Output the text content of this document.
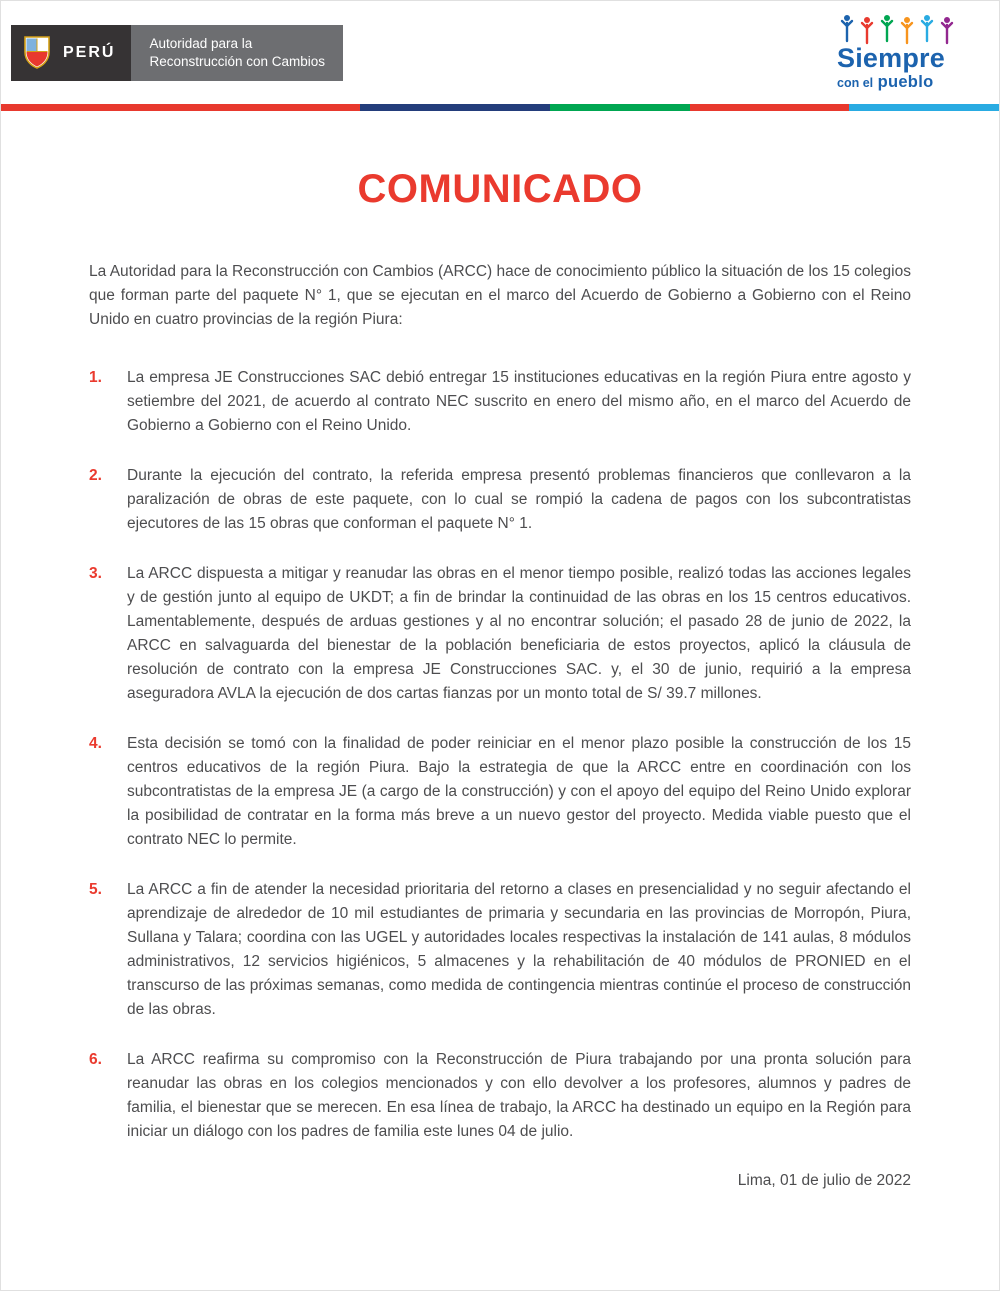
PERÚ
Autoridad para la
Reconstrucción con Cambios	Siempre
con el pueblo
COMUNICADO

La Autoridad para la Reconstrucción con Cambios (ARCC) hace de conocimiento público la situación de los 15 colegios que forman parte del paquete N° 1, que se ejecutan en el marco del Acuerdo de Gobierno a Gobierno con el Reino Unido en cuatro provincias de la región Piura:

1.	La empresa JE Construcciones SAC debió entregar 15 instituciones educativas en la región Piura entre agosto y setiembre del 2021, de acuerdo al contrato NEC suscrito en enero del mismo año, en el marco del Acuerdo de Gobierno a Gobierno con el Reino Unido.
2.	Durante la ejecución del contrato, la referida empresa presentó problemas financieros que conllevaron a la paralización de obras de este paquete, con lo cual se rompió la cadena de pagos con los subcontratistas ejecutores de las 15 obras que conforman el paquete N° 1.
3.	La ARCC dispuesta a mitigar y reanudar las obras en el menor tiempo posible, realizó todas las acciones legales y de gestión junto al equipo de UKDT; a fin de brindar la continuidad de las obras en los 15 centros educativos. Lamentablemente, después de arduas gestiones y al no encontrar solución; el pasado 28 de junio de 2022, la ARCC en salvaguarda del bienestar de la población beneficiaria de estos proyectos, aplicó la cláusula de resolución de contrato con la empresa JE Construcciones SAC. y, el 30 de junio, requirió a la empresa aseguradora AVLA la ejecución de dos cartas fianzas por un monto total de S/ 39.7 millones.
4.	Esta decisión se tomó con la finalidad de poder reiniciar en el menor plazo posible la construcción de los 15 centros educativos de la región Piura. Bajo la estrategia de que la ARCC entre en coordinación con los subcontratistas de la empresa JE (a cargo de la construcción) y con el apoyo del equipo del Reino Unido explorar la posibilidad de contratar en la forma más breve a un nuevo gestor del proyecto. Medida viable puesto que el contrato NEC lo permite.
5.	La ARCC a fin de atender la necesidad prioritaria del retorno a clases en presencialidad y no seguir afectando el aprendizaje de alrededor de 10 mil estudiantes de primaria y secundaria en las provincias de Morropón, Piura, Sullana y Talara; coordina con las UGEL y autoridades locales respectivas la instalación de 141 aulas, 8 módulos administrativos, 12 servicios higiénicos, 5 almacenes y la rehabilitación de 40 módulos de PRONIED en el transcurso de las próximas semanas, como medida de contingencia mientras continúe el proceso de construcción de las obras.
6.	La ARCC reafirma su compromiso con la Reconstrucción de Piura trabajando por una pronta solución para reanudar las obras en los colegios mencionados y con ello devolver a los profesores, alumnos y padres de familia, el bienestar que se merecen. En esa línea de trabajo, la ARCC ha destinado un equipo en la Región para iniciar un diálogo con los padres de familia este lunes 04 de julio.

Lima, 01 de julio de 2022
